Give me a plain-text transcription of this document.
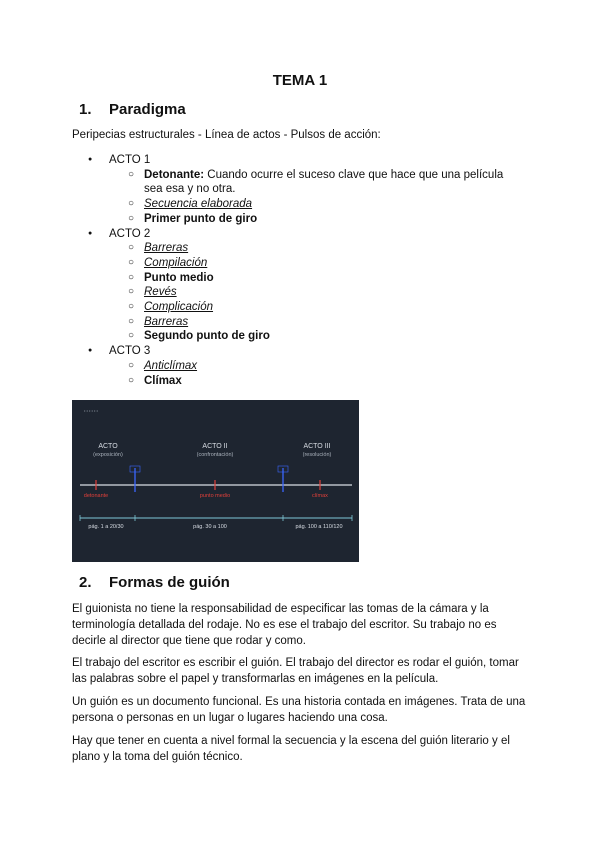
TEMA 1
1. Paradigma
Peripecias estructurales - Línea de actos - Pulsos de acción:
● ACTO 1
○ Detonante: Cuando ocurre el suceso clave que hace que una película sea esa y no otra.
○ Secuencia elaborada
○ Primer punto de giro
● ACTO 2
○ Barreras
○ Compilación
○ Punto medio
○ Revés
○ Complicación
○ Barreras
○ Segundo punto de giro
● ACTO 3
○ Anticlímax
○ Clímax
• • • • • •
ACTO
(exposición)
ACTO II
(confrontación)
ACTO III
(resolución)
detonante	punto medio	clímax
pág. 1 a 20/30	pág. 30 a 100	pág. 100 a 110/120
2. Formas de guión
El guionista no tiene la responsabilidad de especificar las tomas de la cámara y la terminología detallada del rodaje. No es ese el trabajo del escritor. Su trabajo no es decirle al director que tiene que rodar y como.
El trabajo del escritor es escribir el guión. El trabajo del director es rodar el guión, tomar las palabras sobre el papel y transformarlas en imágenes en la película.
Un guión es un documento funcional. Es una historia contada en imágenes. Trata de una persona o personas en un lugar o lugares haciendo una cosa.
Hay que tener en cuenta a nivel formal la secuencia y la escena del guión literario y el plano y la toma del guión técnico.
